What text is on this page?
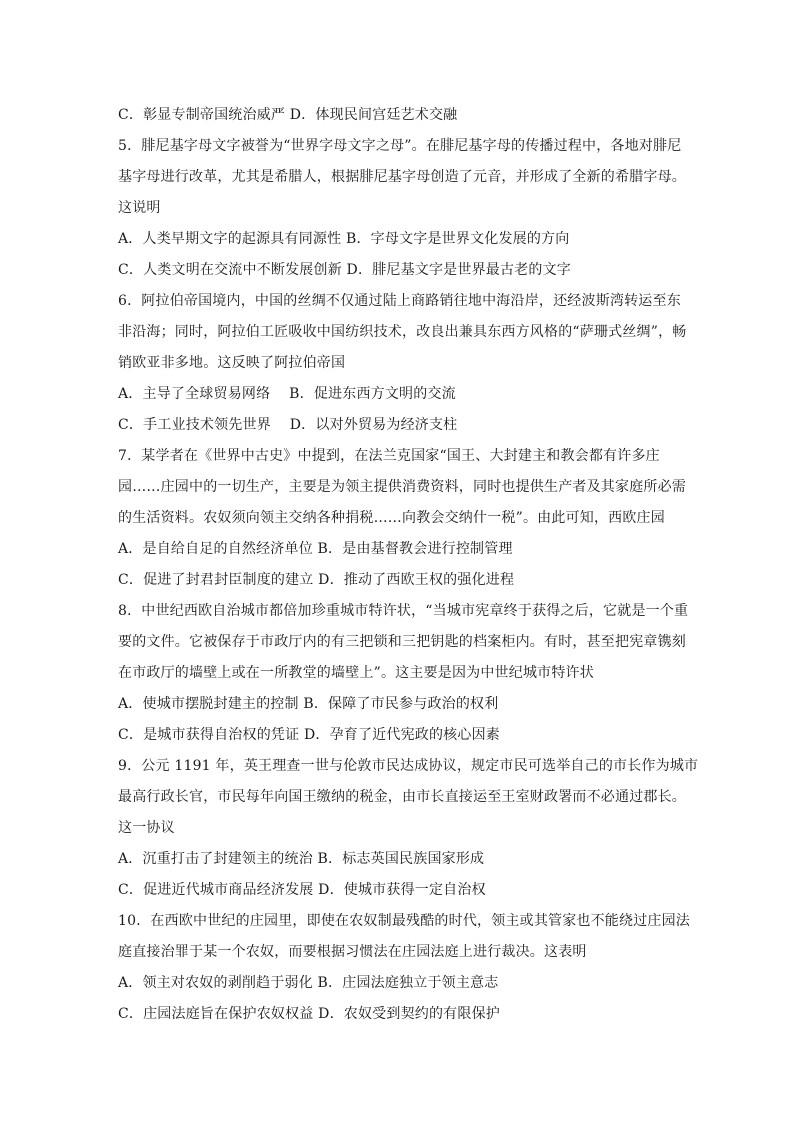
C．彰显专制帝国统治威严 D．体现民间宫廷艺术交融
5．腓尼基字母文字被誉为“世界字母文字之母”。在腓尼基字母的传播过程中，各地对腓尼
基字母进行改革，尤其是希腊人，根据腓尼基字母创造了元音，并形成了全新的希腊字母。
这说明
A．人类早期文字的起源具有同源性 B．字母文字是世界文化发展的方向
C．人类文明在交流中不断发展创新 D．腓尼基文字是世界最古老的文字
6．阿拉伯帝国境内，中国的丝绸不仅通过陆上商路销往地中海沿岸，还经波斯湾转运至东
非沿海；同时，阿拉伯工匠吸收中国纺织技术，改良出兼具东西方风格的“萨珊式丝绸”，畅
销欧亚非多地。这反映了阿拉伯帝国
A．主导了全球贸易网络　 B．促进东西方文明的交流
C．手工业技术领先世界　 D．以对外贸易为经济支柱
7．某学者在《世界中古史》中提到，在法兰克国家“国王、大封建主和教会都有许多庄
园……庄园中的一切生产，主要是为领主提供消费资料，同时也提供生产者及其家庭所必需
的生活资料。农奴须向领主交纳各种捐税……向教会交纳什一税”。由此可知，西欧庄园
A．是自给自足的自然经济单位 B．是由基督教会进行控制管理
C．促进了封君封臣制度的建立 D．推动了西欧王权的强化进程
8．中世纪西欧自治城市都倍加珍重城市特许状，“当城市宪章终于获得之后，它就是一个重
要的文件。它被保存于市政厅内的有三把锁和三把钥匙的档案柜内。有时，甚至把宪章镌刻
在市政厅的墙壁上或在一所教堂的墙壁上”。这主要是因为中世纪城市特许状
A．使城市摆脱封建主的控制 B．保障了市民参与政治的权利
C．是城市获得自治权的凭证 D．孕育了近代宪政的核心因素
9．公元 1191 年，英王理查一世与伦敦市民达成协议，规定市民可选举自己的市长作为城市
最高行政长官，市民每年向国王缴纳的税金，由市长直接运至王室财政署而不必通过郡长。
这一协议
A．沉重打击了封建领主的统治 B．标志英国民族国家形成
C．促进近代城市商品经济发展 D．使城市获得一定自治权
10．在西欧中世纪的庄园里，即使在农奴制最残酷的时代，领主或其管家也不能绕过庄园法
庭直接治罪于某一个农奴，而要根据习惯法在庄园法庭上进行裁决。这表明
A．领主对农奴的剥削趋于弱化 B．庄园法庭独立于领主意志
C．庄园法庭旨在保护农奴权益 D．农奴受到契约的有限保护
